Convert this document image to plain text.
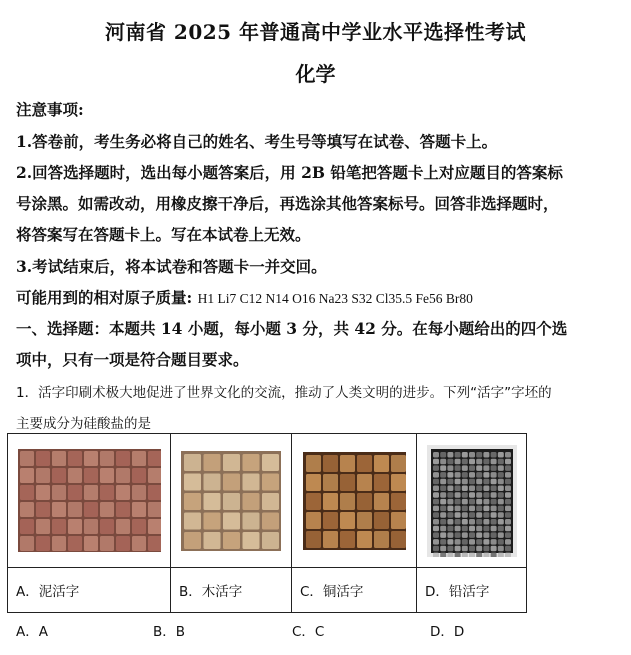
河南省 2025 年普通高中学业水平选择性考试
化学
注意事项:
1.答卷前，考生务必将自己的姓名、考生号等填写在试卷、答题卡上。
2.回答选择题时，选出每小题答案后，用 2B 铅笔把答题卡上对应题目的答案标
号涂黑。如需改动，用橡皮擦干净后，再选涂其他答案标号。回答非选择题时，
将答案写在答题卡上。写在本试卷上无效。
3.考试结束后，将本试卷和答题卡一并交回。
可能用到的相对原子质量: H1 Li7 C12 N14 O16 Na23 S32 Cl35.5 Fe56 Br80
一、选择题：本题共 14 小题，每小题 3 分，共 42 分。在每小题给出的四个选
项中，只有一项是符合题目要求。
1．活字印刷术极大地促进了世界文化的交流，推动了人类文明的进步。下列“活字”字坯的
主要成分为硅酸盐的是

A．泥活字	B．木活字	C．铜活字	D．铅活字
A．A	B．B	C．C	D．D
